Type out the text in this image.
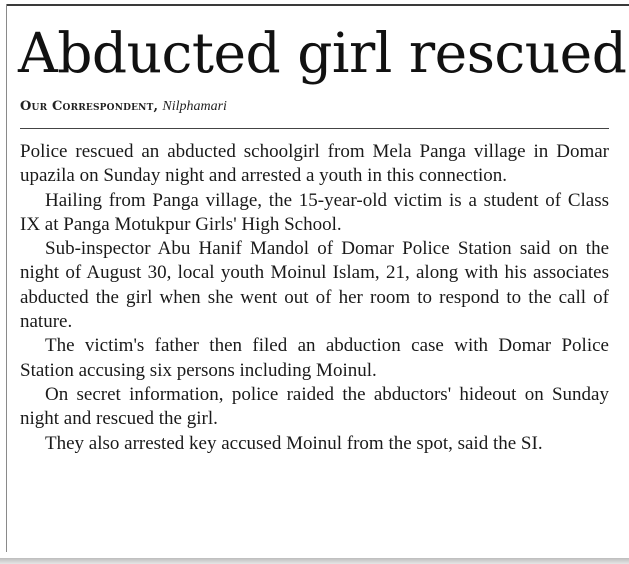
Abducted girl rescued
Our Correspondent, Nilphamari

Police rescued an abducted schoolgirl from Mela Panga village in Domar upazila on Sunday night and arrested a youth in this connection.

Hailing from Panga village, the 15-year-old victim is a student of Class IX at Panga Motukpur Girls' High School.

Sub-inspector Abu Hanif Mandol of Domar Police Station said on the night of August 30, local youth Moinul Islam, 21, along with his associates abducted the girl when she went out of her room to respond to the call of nature.

The victim's father then filed an abduction case with Domar Police Station accusing six persons including Moinul.

On secret information, police raided the abductors' hideout on Sunday night and rescued the girl.

They also arrested key accused Moinul from the spot, said the SI.
